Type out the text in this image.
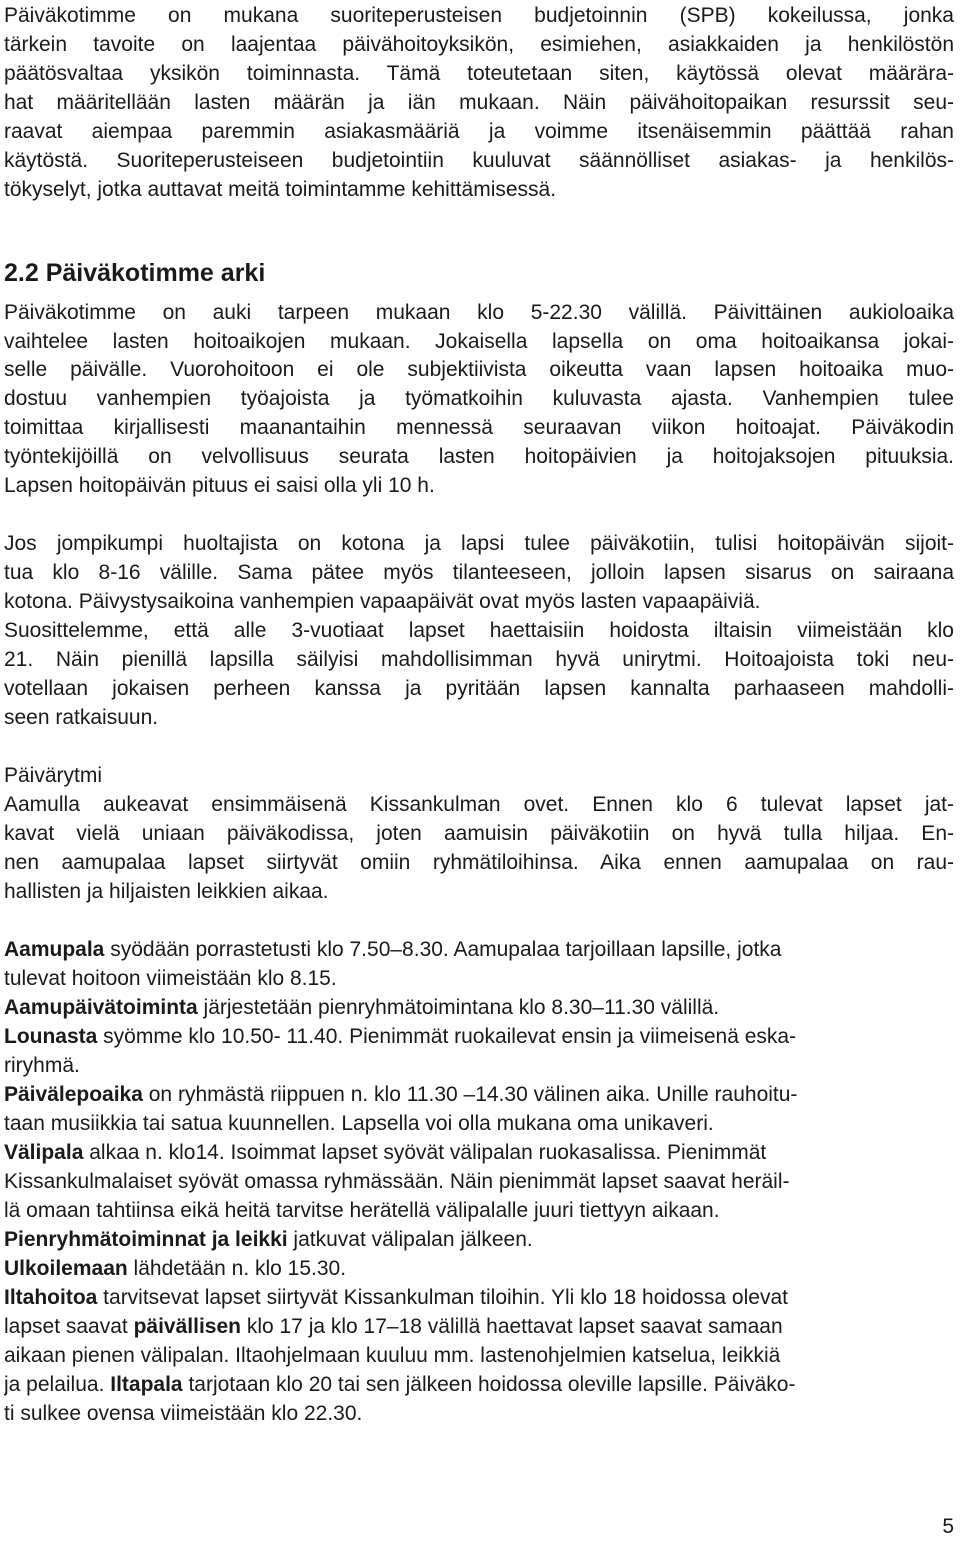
Päiväkotimme on mukana suoriteperusteisen budjetoinnin (SPB) kokeilussa, jonka
tärkein tavoite on laajentaa päivähoitoyksikön, esimiehen, asiakkaiden ja henkilöstön
päätösvaltaa yksikön toiminnasta. Tämä toteutetaan siten, käytössä olevat määrära-
hat määritellään lasten määrän ja iän mukaan. Näin päivähoitopaikan resurssit seu-
raavat aiempaa paremmin asiakasmääriä ja voimme itsenäisemmin päättää rahan
käytöstä. Suoriteperusteiseen budjetointiin kuuluvat säännölliset asiakas- ja henkilös-
tökyselyt, jotka auttavat meitä toimintamme kehittämisessä.
2.2 Päiväkotimme arki
Päiväkotimme on auki tarpeen mukaan klo 5-22.30 välillä. Päivittäinen aukioloaika
vaihtelee lasten hoitoaikojen mukaan. Jokaisella lapsella on oma hoitoaikansa jokai-
selle päivälle. Vuorohoitoon ei ole subjektiivista oikeutta vaan lapsen hoitoaika muo-
dostuu vanhempien työajoista ja työmatkoihin kuluvasta ajasta. Vanhempien tulee
toimittaa kirjallisesti maanantaihin mennessä seuraavan viikon hoitoajat. Päiväkodin
työntekijöillä on velvollisuus seurata lasten hoitopäivien ja hoitojaksojen pituuksia.
Lapsen hoitopäivän pituus ei saisi olla yli 10 h.
Jos jompikumpi huoltajista on kotona ja lapsi tulee päiväkotiin, tulisi hoitopäivän sijoit-
tua klo 8-16 välille. Sama pätee myös tilanteeseen, jolloin lapsen sisarus on sairaana
kotona. Päivystysaikoina vanhempien vapaapäivät ovat myös lasten vapaapäiviä.
Suosittelemme, että alle 3-vuotiaat lapset haettaisiin hoidosta iltaisin viimeistään klo
21. Näin pienillä lapsilla säilyisi mahdollisimman hyvä unirytmi. Hoitoajoista toki neu-
votellaan jokaisen perheen kanssa ja pyritään lapsen kannalta parhaaseen mahdolli-
seen ratkaisuun.
Päivärytmi
Aamulla aukeavat ensimmäisenä Kissankulman ovet. Ennen klo 6 tulevat lapset jat-
kavat vielä uniaan päiväkodissa, joten aamuisin päiväkotiin on hyvä tulla hiljaa. En-
nen aamupalaa lapset siirtyvät omiin ryhmätiloihinsa. Aika ennen aamupalaa on rau-
hallisten ja hiljaisten leikkien aikaa.
Aamupala syödään porrastetusti klo 7.50–8.30. Aamupalaa tarjoillaan lapsille, jotka
tulevat hoitoon viimeistään klo 8.15.
Aamupäivätoiminta järjestetään pienryhmätoimintana klo 8.30–11.30 välillä.
Lounasta syömme klo 10.50- 11.40. Pienimmät ruokailevat ensin ja viimeisenä eska-
riryhmä.
Päivälepoaika on ryhmästä riippuen n. klo 11.30 –14.30 välinen aika. Unille rauhoitu-
taan musiikkia tai satua kuunnellen. Lapsella voi olla mukana oma unikaveri.
Välipala alkaa n. klo14. Isoimmat lapset syövät välipalan ruokasalissa. Pienimmät
Kissankulmalaiset syövät omassa ryhmässään. Näin pienimmät lapset saavat heräil-
lä omaan tahtiinsa eikä heitä tarvitse herätellä välipalalle juuri tiettyyn aikaan.
Pienryhmätoiminnat ja leikki jatkuvat välipalan jälkeen.
Ulkoilemaan lähdetään n. klo 15.30.
Iltahoitoa tarvitsevat lapset siirtyvät Kissankulman tiloihin. Yli klo 18 hoidossa olevat
lapset saavat päivällisen klo 17 ja klo 17–18 välillä haettavat lapset saavat samaan
aikaan pienen välipalan. Iltaohjelmaan kuuluu mm. lastenohjelmien katselua, leikkiä
ja pelailua. Iltapala tarjotaan klo 20 tai sen jälkeen hoidossa oleville lapsille. Päiväko-
ti sulkee ovensa viimeistään klo 22.30.
5
